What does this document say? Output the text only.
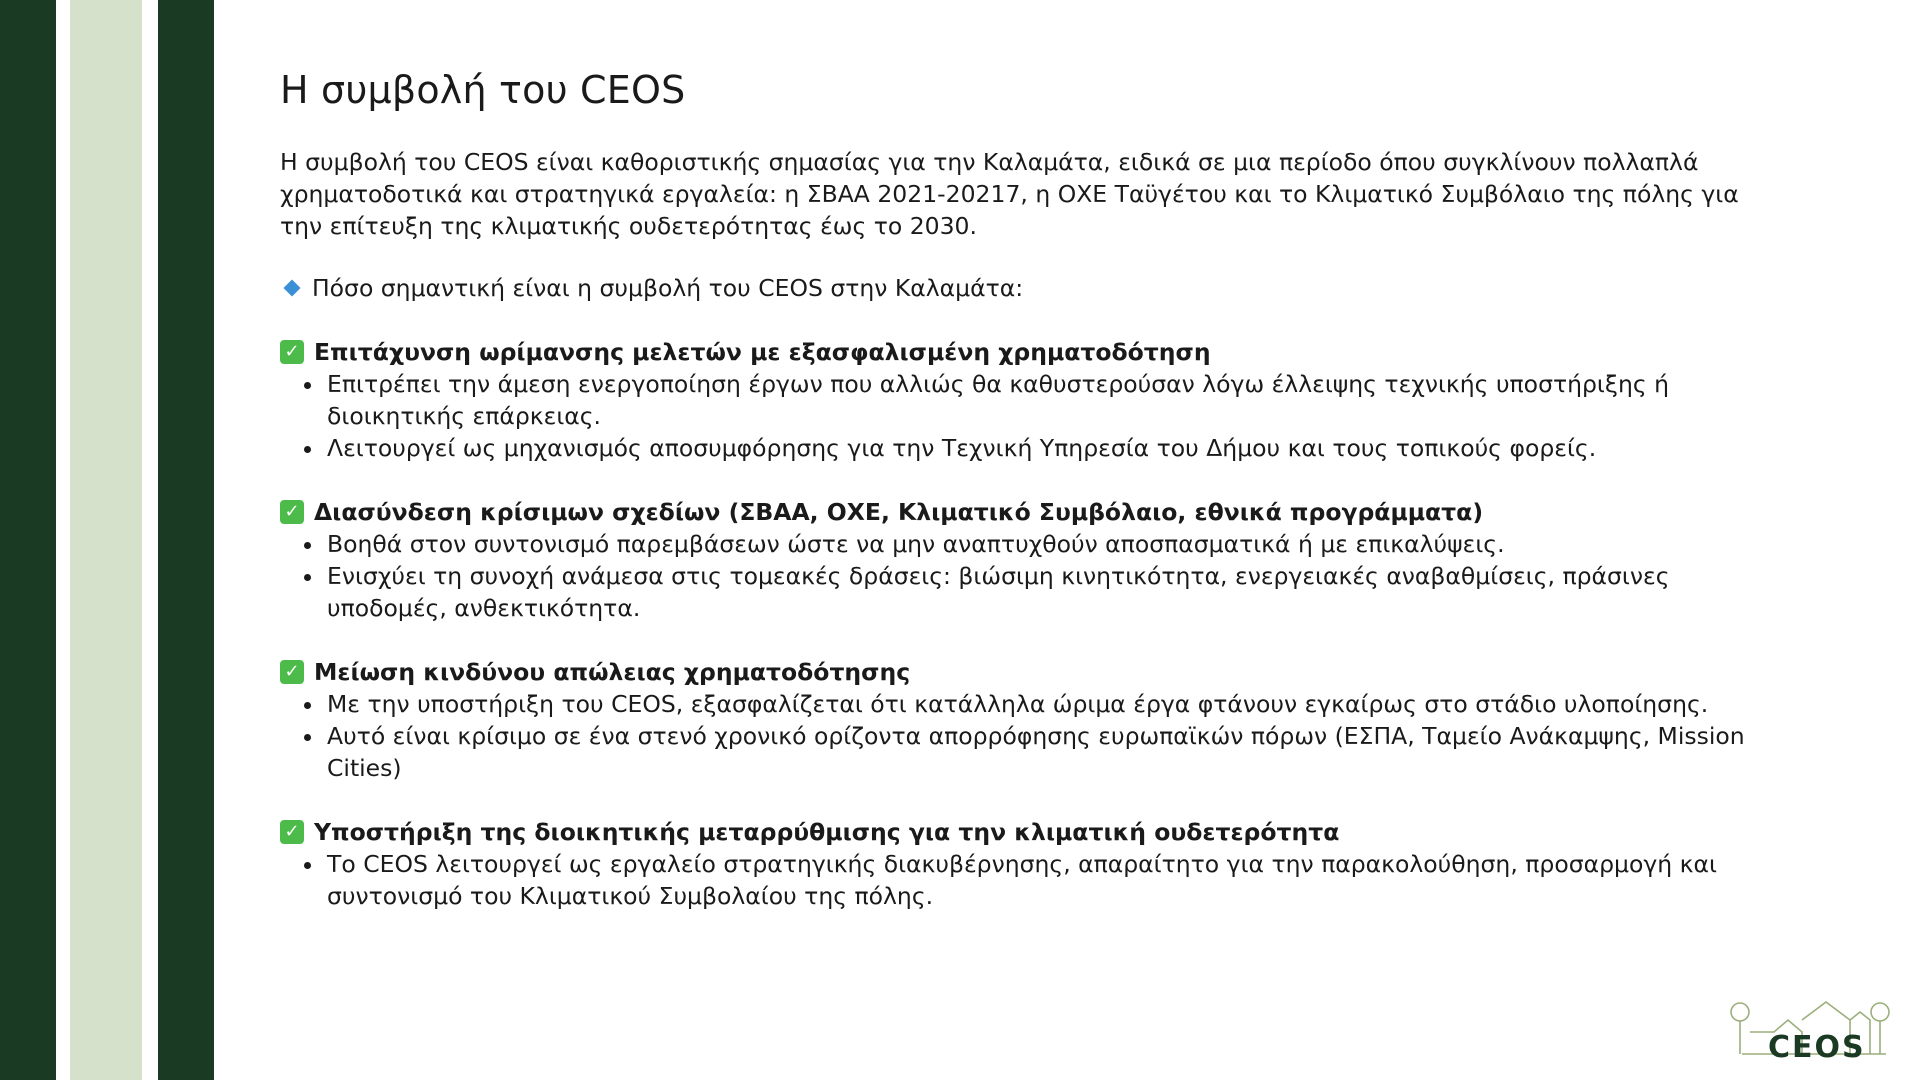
Η συμβολή του CEOS

Η συμβολή του CEOS είναι καθοριστικής σημασίας για την Καλαμάτα, ειδικά σε μια περίοδο όπου συγκλίνουν πολλαπλά χρηματοδοτικά και στρατηγικά εργαλεία: η ΣΒΑΑ 2021-20217, η ΟΧΕ Ταϋγέτου και το Κλιματικό Συμβόλαιο της πόλης για την επίτευξη της κλιματικής ουδετερότητας έως το 2030.

Πόσο σημαντική είναι η συμβολή του CEOS στην Καλαμάτα:
✓ Επιτάχυνση ωρίμανσης μελετών με εξασφαλισμένη χρηματοδότηση
• Επιτρέπει την άμεση ενεργοποίηση έργων που αλλιώς θα καθυστερούσαν λόγω έλλειψης τεχνικής υποστήριξης ή διοικητικής επάρκειας.
• Λειτουργεί ως μηχανισμός αποσυμφόρησης για την Τεχνική Υπηρεσία του Δήμου και τους τοπικούς φορείς.
✓ Διασύνδεση κρίσιμων σχεδίων (ΣΒΑΑ, ΟΧΕ, Κλιματικό Συμβόλαιο, εθνικά προγράμματα)
• Βοηθά στον συντονισμό παρεμβάσεων ώστε να μην αναπτυχθούν αποσπασματικά ή με επικαλύψεις.
• Ενισχύει τη συνοχή ανάμεσα στις τομεακές δράσεις: βιώσιμη κινητικότητα, ενεργειακές αναβαθμίσεις, πράσινες υποδομές, ανθεκτικότητα.
✓ Μείωση κινδύνου απώλειας χρηματοδότησης
• Με την υποστήριξη του CEOS, εξασφαλίζεται ότι κατάλληλα ώριμα έργα φτάνουν εγκαίρως στο στάδιο υλοποίησης.
• Αυτό είναι κρίσιμο σε ένα στενό χρονικό ορίζοντα απορρόφησης ευρωπαϊκών πόρων (ΕΣΠΑ, Ταμείο Ανάκαμψης, Mission Cities)
✓ Υποστήριξη της διοικητικής μεταρρύθμισης για την κλιματική ουδετερότητα
• Το CEOS λειτουργεί ως εργαλείο στρατηγικής διακυβέρνησης, απαραίτητο για την παρακολούθηση, προσαρμογή και συντονισμό του Κλιματικού Συμβολαίου της πόλης.
CEOS
